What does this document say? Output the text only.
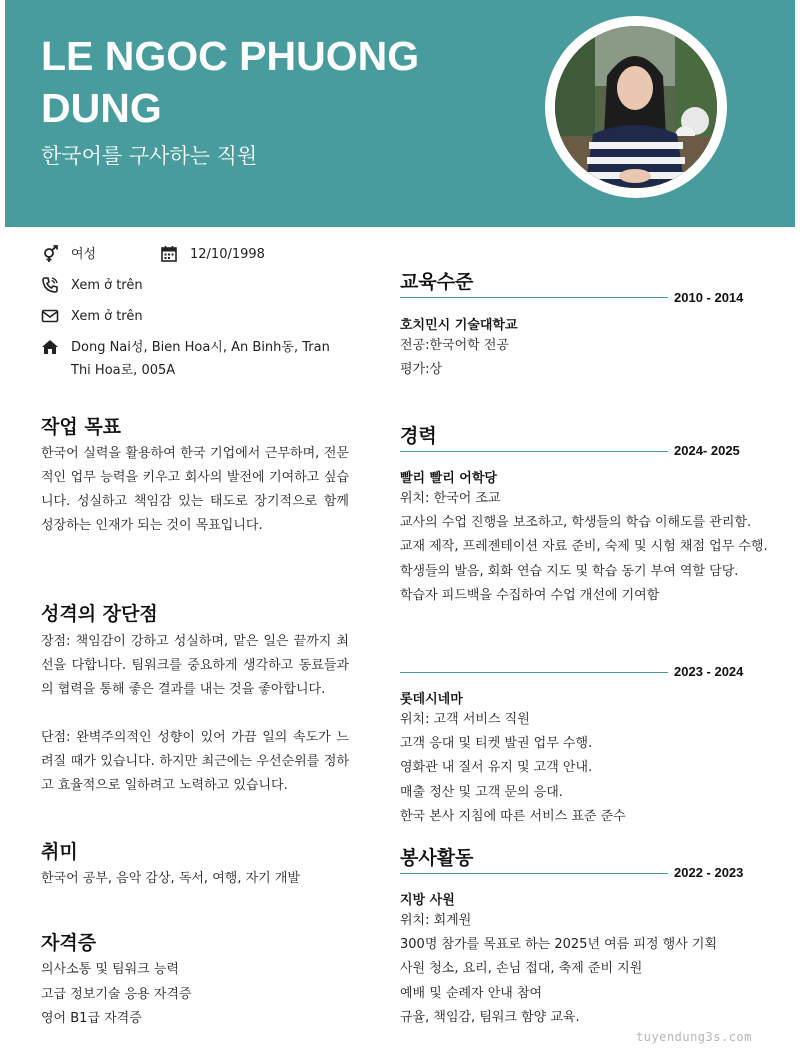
LE NGOC PHUONG DUNG
한국어를 구사하는 직원
여성	12/10/1998
Xem ở trên
Xem ở trên
Dong Nai성, Bien Hoa시, An Binh동, Tran Thi Hoa로, 005A
작업 목표

한국어 실력을 활용하여 한국 기업에서 근무하며, 전문적인 업무 능력을 키우고 회사의 발전에 기여하고 싶습니다. 성실하고 책임감 있는 태도로 장기적으로 함께 성장하는 인재가 되는 것이 목표입니다.

성격의 장단점

장점: 책임감이 강하고 성실하며, 맡은 일은 끝까지 최선을 다합니다. 팀워크를 중요하게 생각하고 동료들과의 협력을 통해 좋은 결과를 내는 것을 좋아합니다.

단점: 완벽주의적인 성향이 있어 가끔 일의 속도가 느려질 때가 있습니다. 하지만 최근에는 우선순위를 정하고 효율적으로 일하려고 노력하고 있습니다.

취미

한국어 공부, 음악 감상, 독서, 여행, 자기 개발

자격증
의사소통 및 팀워크 능력
고급 정보기술 응용 자격증
영어 B1급 자격증
교육수준
2010 - 2014

호치민시 기술대학교

전공:한국어학 전공
평가:상
경력
2024- 2025

빨리 빨리 어학당

위치: 한국어 조교
교사의 수업 진행을 보조하고, 학생들의 학습 이해도를 관리함.
교재 제작, 프레젠테이션 자료 준비, 숙제 및 시험 채점 업무 수행.
학생들의 발음, 회화 연습 지도 및 학습 동기 부여 역할 담당.
학습자 피드백을 수집하여 수업 개선에 기여함
2023 - 2024

롯데시네마

위치: 고객 서비스 직원
고객 응대 및 티켓 발권 업무 수행.
영화관 내 질서 유지 및 고객 안내.
매출 정산 및 고객 문의 응대.
한국 본사 지침에 따른 서비스 표준 준수
봉사활동
2022 - 2023

지방 사원

위치: 회계원
300명 참가를 목표로 하는 2025년 여름 피정 행사 기획
사원 청소, 요리, 손님 접대, 축제 준비 지원
예배 및 순례자 안내 참여
규율, 책임감, 팀워크 함양 교육.
tuyendung3s.com
